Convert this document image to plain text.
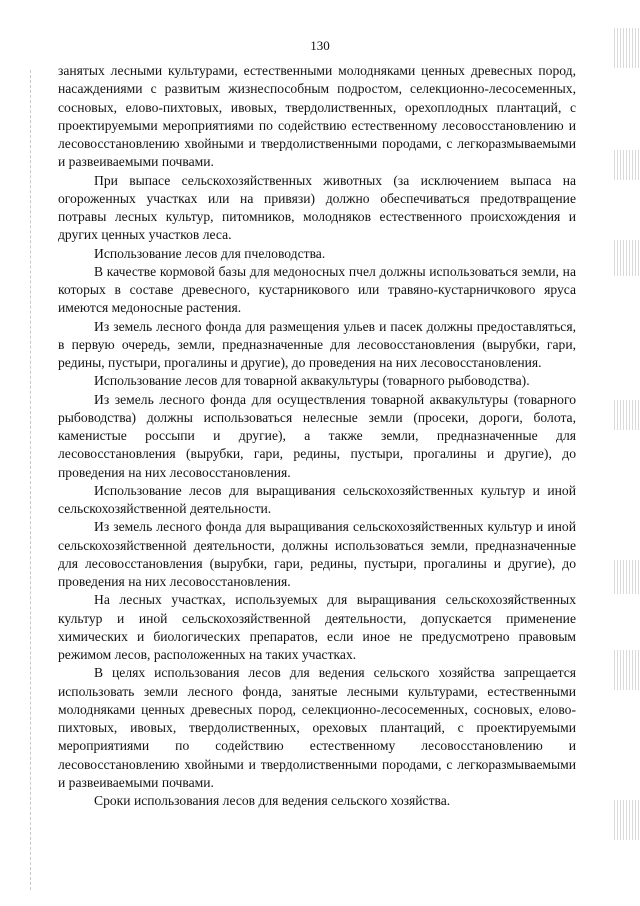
130

занятых лесными культурами, естественными молодняками ценных древесных пород, насаждениями с развитым жизнеспособным подростом, селекционно-лесосеменных, сосновых, елово-пихтовых, ивовых, твердолиственных, орехоплодных плантаций, с проектируемыми мероприятиями по содействию естественному лесовосстановлению и лесовосстановлению хвойными и твердолиственными породами, с легкоразмываемыми и развеиваемыми почвами.

При выпасе сельскохозяйственных животных (за исключением выпаса на огороженных участках или на привязи) должно обеспечиваться предотвращение потравы лесных культур, питомников, молодняков естественного происхождения и других ценных участков леса.

Использование лесов для пчеловодства.

В качестве кормовой базы для медоносных пчел должны использоваться земли, на которых в составе древесного, кустарникового или травяно-кустарничкового яруса имеются медоносные растения.

Из земель лесного фонда для размещения ульев и пасек должны предоставляться, в первую очередь, земли, предназначенные для лесовосстановления (вырубки, гари, редины, пустыри, прогалины и другие), до проведения на них лесовосстановления.

Использование лесов для товарной аквакультуры (товарного рыбоводства).

Из земель лесного фонда для осуществления товарной аквакультуры (товарного рыбоводства) должны использоваться нелесные земли (просеки, дороги, болота, каменистые россыпи и другие), а также земли, предназначенные для лесовосстановления (вырубки, гари, редины, пустыри, прогалины и другие), до проведения на них лесовосстановления.

Использование лесов для выращивания сельскохозяйственных культур и иной сельскохозяйственной деятельности.

Из земель лесного фонда для выращивания сельскохозяйственных культур и иной сельскохозяйственной деятельности, должны использоваться земли, предназначенные для лесовосстановления (вырубки, гари, редины, пустыри, прогалины и другие), до проведения на них лесовосстановления.

На лесных участках, используемых для выращивания сельскохозяйственных культур и иной сельскохозяйственной деятельности, допускается применение химических и биологических препаратов, если иное не предусмотрено правовым режимом лесов, расположенных на таких участках.

В целях использования лесов для ведения сельского хозяйства запрещается использовать земли лесного фонда, занятые лесными культурами, естественными молодняками ценных древесных пород, селекционно-лесосеменных, сосновых, елово-пихтовых, ивовых, твердолиственных, ореховых плантаций, с проектируемыми мероприятиями по содействию естественному лесовосстановлению и лесовосстановлению хвойными и твердолиственными породами, с легкоразмываемыми и развеиваемыми почвами.

Сроки использования лесов для ведения сельского хозяйства.
